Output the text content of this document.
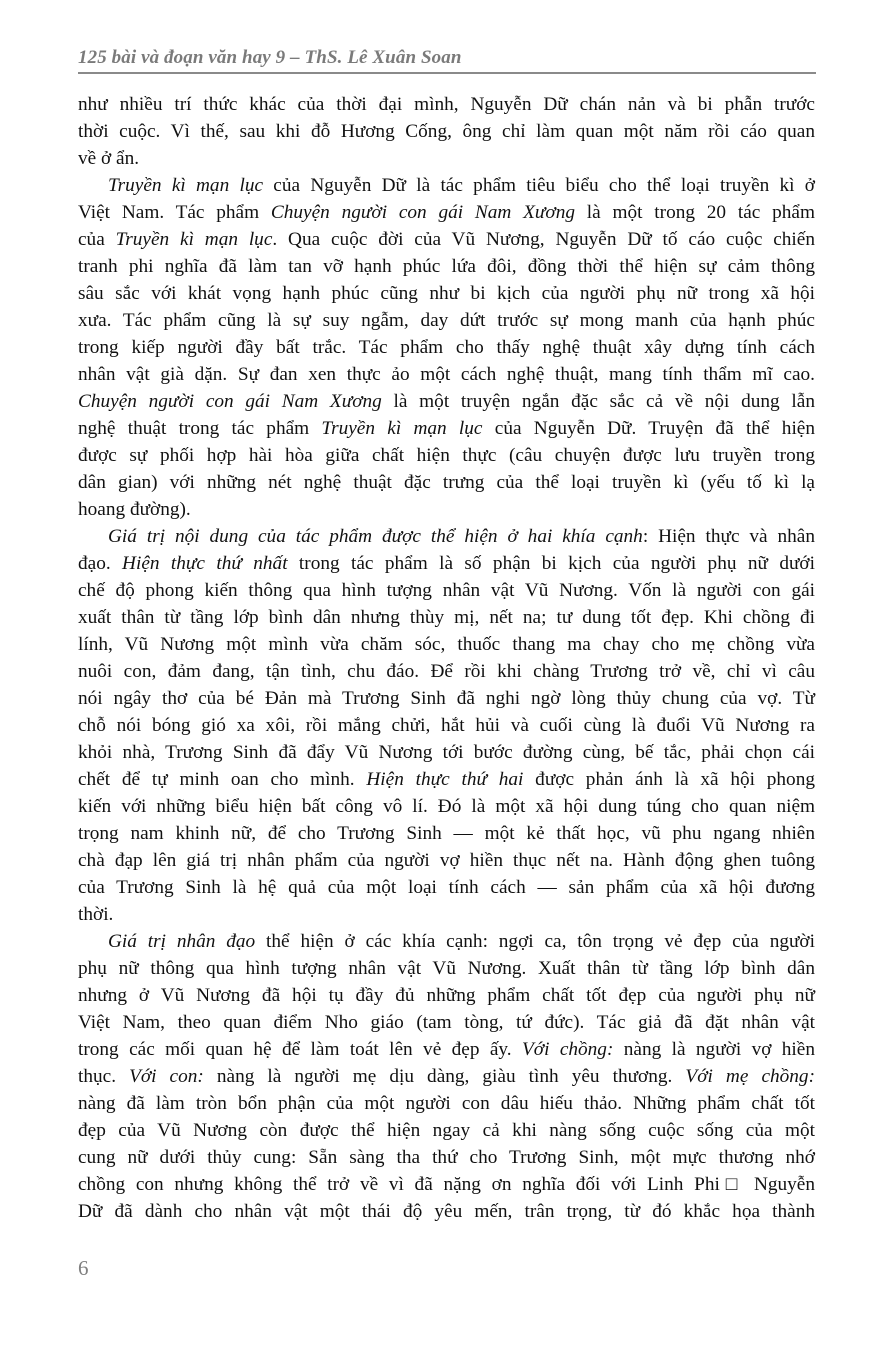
125 bài và đoạn văn hay 9 – ThS. Lê Xuân Soan
như nhiều trí thức khác của thời đại mình, Nguyễn Dữ chán nản và bi phẫn trước
thời cuộc. Vì thế, sau khi đỗ Hương Cống, ông chỉ làm quan một năm rồi cáo quan
về ở ẩn.
Truyền kì mạn lục của Nguyễn Dữ là tác phẩm tiêu biểu cho thể loại truyền kì ở
Việt Nam. Tác phẩm Chuyện người con gái Nam Xương là một trong 20 tác phẩm
của Truyền kì mạn lục. Qua cuộc đời của Vũ Nương, Nguyễn Dữ tố cáo cuộc chiến
tranh phi nghĩa đã làm tan vỡ hạnh phúc lứa đôi, đồng thời thể hiện sự cảm thông
sâu sắc với khát vọng hạnh phúc cũng như bi kịch của người phụ nữ trong xã hội
xưa. Tác phẩm cũng là sự suy ngẫm, day dứt trước sự mong manh của hạnh phúc
trong kiếp người đầy bất trắc. Tác phẩm cho thấy nghệ thuật xây dựng tính cách
nhân vật già dặn. Sự đan xen thực ảo một cách nghệ thuật, mang tính thẩm mĩ cao.
Chuyện người con gái Nam Xương là một truyện ngắn đặc sắc cả về nội dung lẫn
nghệ thuật trong tác phẩm Truyền kì mạn lục của Nguyễn Dữ. Truyện đã thể hiện
được sự phối hợp hài hòa giữa chất hiện thực (câu chuyện được lưu truyền trong
dân gian) với những nét nghệ thuật đặc trưng của thể loại truyền kì (yếu tố kì lạ
hoang đường).
Giá trị nội dung của tác phẩm được thể hiện ở hai khía cạnh: Hiện thực và nhân
đạo. Hiện thực thứ nhất trong tác phẩm là số phận bi kịch của người phụ nữ dưới
chế độ phong kiến thông qua hình tượng nhân vật Vũ Nương. Vốn là người con gái
xuất thân từ tầng lớp bình dân nhưng thùy mị, nết na; tư dung tốt đẹp. Khi chồng đi
lính, Vũ Nương một mình vừa chăm sóc, thuốc thang ma chay cho mẹ chồng vừa
nuôi con, đảm đang, tận tình, chu đáo. Để rồi khi chàng Trương trở về, chỉ vì câu
nói ngây thơ của bé Đản mà Trương Sinh đã nghi ngờ lòng thủy chung của vợ. Từ
chỗ nói bóng gió xa xôi, rồi mắng chửi, hắt hủi và cuối cùng là đuổi Vũ Nương ra
khỏi nhà, Trương Sinh đã đẩy Vũ Nương tới bước đường cùng, bế tắc, phải chọn cái
chết để tự minh oan cho mình. Hiện thực thứ hai được phản ánh là xã hội phong
kiến với những biểu hiện bất công vô lí. Đó là một xã hội dung túng cho quan niệm
trọng nam khinh nữ, để cho Trương Sinh — một kẻ thất học, vũ phu ngang nhiên
chà đạp lên giá trị nhân phẩm của người vợ hiền thục nết na. Hành động ghen tuông
của Trương Sinh là hệ quả của một loại tính cách — sản phẩm của xã hội đương
thời.
Giá trị nhân đạo thể hiện ở các khía cạnh: ngợi ca, tôn trọng vẻ đẹp của người
phụ nữ thông qua hình tượng nhân vật Vũ Nương. Xuất thân từ tầng lớp bình dân
nhưng ở Vũ Nương đã hội tụ đầy đủ những phẩm chất tốt đẹp của người phụ nữ
Việt Nam, theo quan điểm Nho giáo (tam tòng, tứ đức). Tác giả đã đặt nhân vật
trong các mối quan hệ để làm toát lên vẻ đẹp ấy. Với chồng: nàng là người vợ hiền
thục. Với con: nàng là người mẹ dịu dàng, giàu tình yêu thương. Với mẹ chồng:
nàng đã làm tròn bổn phận của một người con dâu hiếu thảo. Những phẩm chất tốt
đẹp của Vũ Nương còn được thể hiện ngay cả khi nàng sống cuộc sống của một
cung nữ dưới thủy cung: Sẵn sàng tha thứ cho Trương Sinh, một mực thương nhớ
chồng con nhưng không thể trở về vì đã nặng ơn nghĩa đối với Linh Phi□ Nguyễn
Dữ đã dành cho nhân vật một thái độ yêu mến, trân trọng, từ đó khắc họa thành
6
